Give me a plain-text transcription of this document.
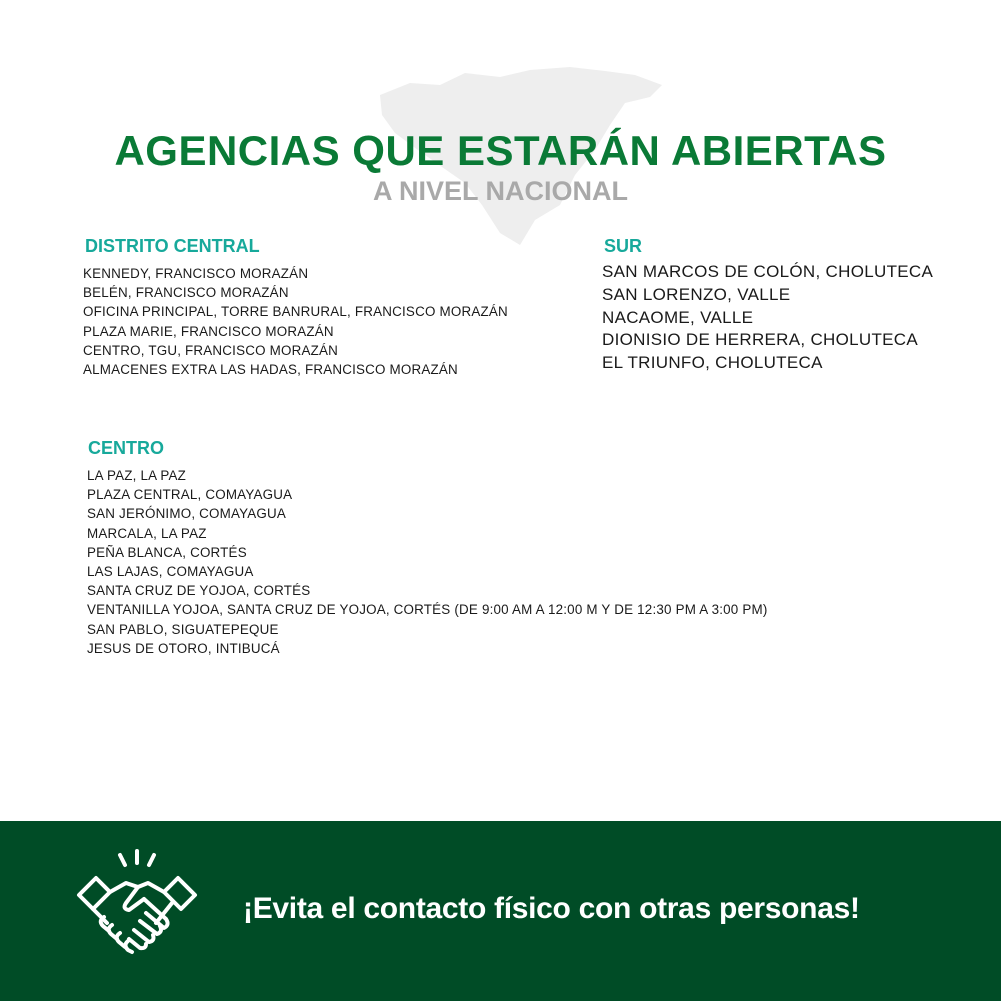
AGENCIAS QUE ESTARÁN ABIERTAS
A NIVEL NACIONAL
DISTRITO CENTRAL
KENNEDY, FRANCISCO MORAZÁN
BELÉN, FRANCISCO MORAZÁN
OFICINA PRINCIPAL, TORRE BANRURAL, FRANCISCO MORAZÁN
PLAZA MARIE, FRANCISCO MORAZÁN
CENTRO, TGU, FRANCISCO MORAZÁN
ALMACENES EXTRA LAS HADAS, FRANCISCO MORAZÁN
SUR
SAN MARCOS DE COLÓN, CHOLUTECA
SAN LORENZO, VALLE
NACAOME, VALLE
DIONISIO DE HERRERA, CHOLUTECA
EL TRIUNFO, CHOLUTECA
CENTRO
LA PAZ, LA PAZ
PLAZA CENTRAL, COMAYAGUA
SAN JERÓNIMO, COMAYAGUA
MARCALA, LA PAZ
PEÑA BLANCA, CORTÉS
LAS LAJAS, COMAYAGUA
SANTA CRUZ DE YOJOA, CORTÉS
VENTANILLA YOJOA, SANTA CRUZ DE YOJOA, CORTÉS (DE 9:00 AM A 12:00 M Y DE 12:30 PM A 3:00 PM)
SAN PABLO, SIGUATEPEQUE
JESUS DE OTORO, INTIBUCÁ
¡Evita el contacto físico con otras personas!
